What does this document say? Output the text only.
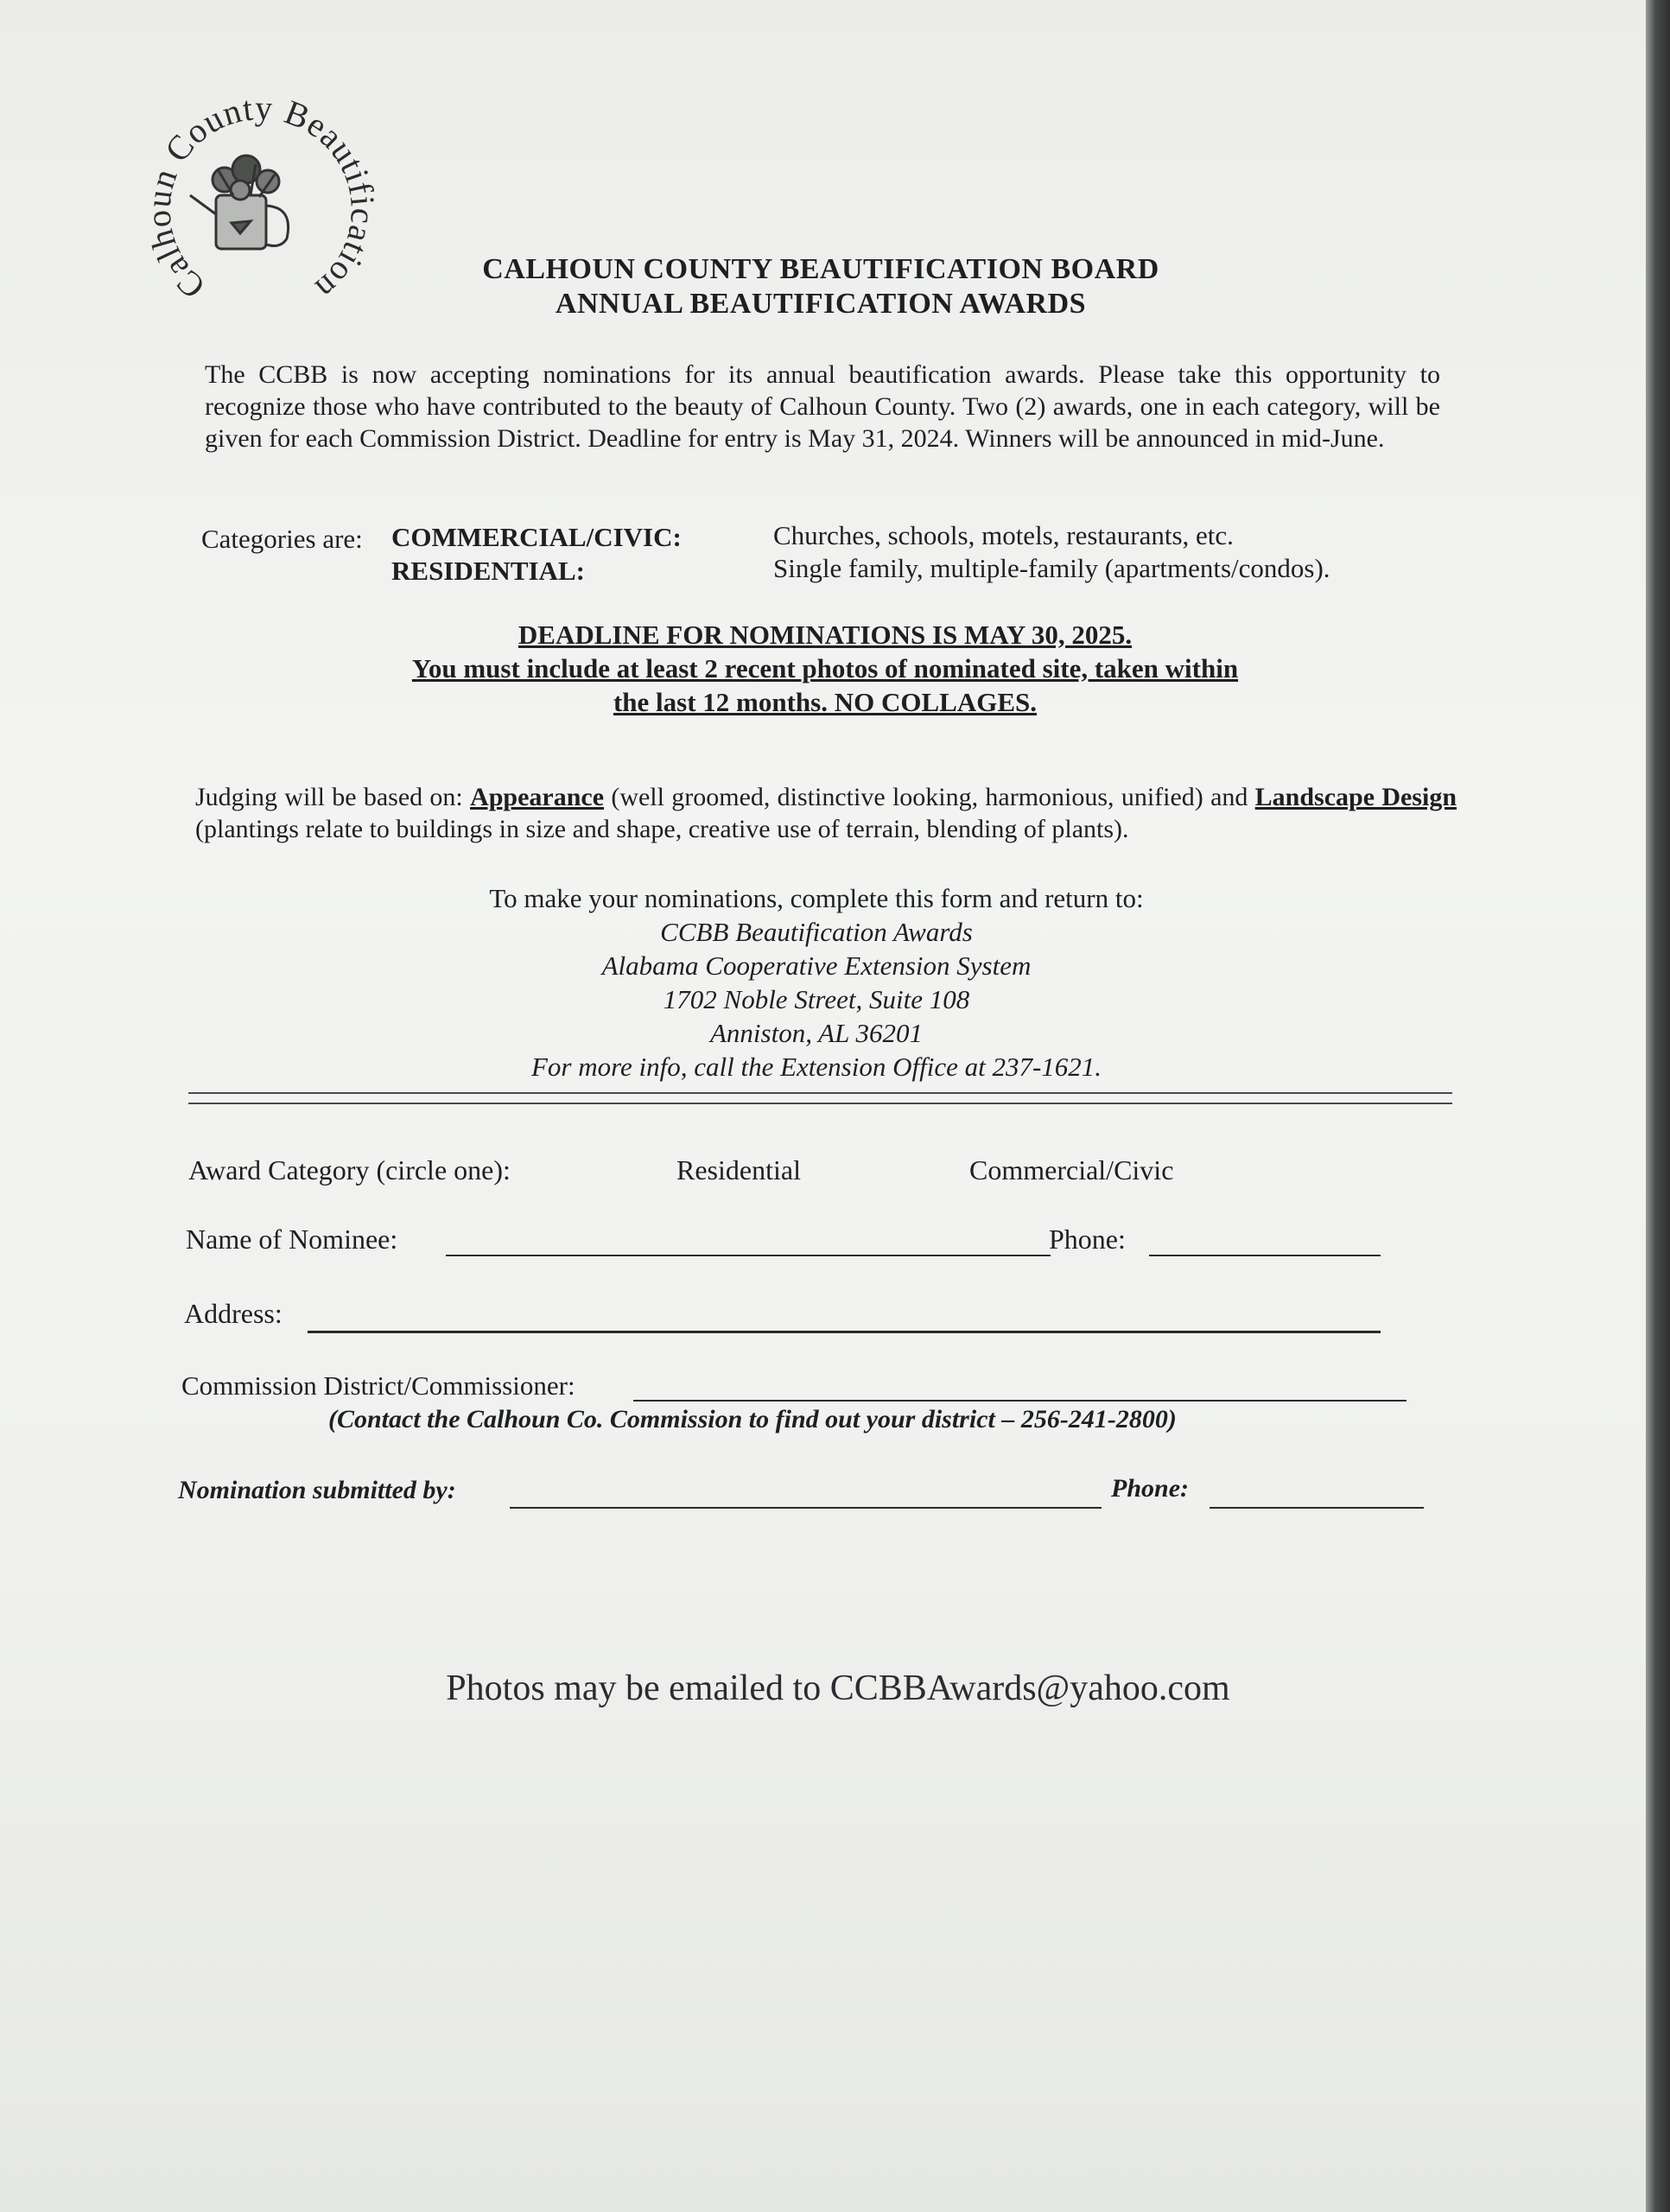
Calhoun County Beautification	CALHOUN COUNTY BEAUTIFICATION BOARD
ANNUAL BEAUTIFICATION AWARDS
The CCBB is now accepting nominations for its annual beautification awards. Please take this opportunity to recognize those who have contributed to the beauty of Calhoun County. Two (2) awards, one in each category, will be given for each Commission District. Deadline for entry is May 31, 2024. Winners will be announced in mid-June.
Categories are: COMMERCIAL/CIVIC:	Churches, schools, motels, restaurants, etc.
RESIDENTIAL:	Single family, multiple-family (apartments/condos).
DEADLINE FOR NOMINATIONS IS MAY 30, 2025.
You must include at least 2 recent photos of nominated site, taken within
the last 12 months. NO COLLAGES.
Judging will be based on: Appearance (well groomed, distinctive looking, harmonious, unified) and Landscape Design (plantings relate to buildings in size and shape, creative use of terrain, blending of plants).
To make your nominations, complete this form and return to:
CCBB Beautification Awards
Alabama Cooperative Extension System
1702 Noble Street, Suite 108
Anniston, AL 36201
For more info, call the Extension Office at 237-1621.
Award Category (circle one):	Residential	Commercial/Civic
Name of Nominee:	Phone:
Address:
Commission District/Commissioner:
(Contact the Calhoun Co. Commission to find out your district – 256-241-2800)
Nomination submitted by:	Phone:
Photos may be emailed to CCBBAwards@yahoo.com
